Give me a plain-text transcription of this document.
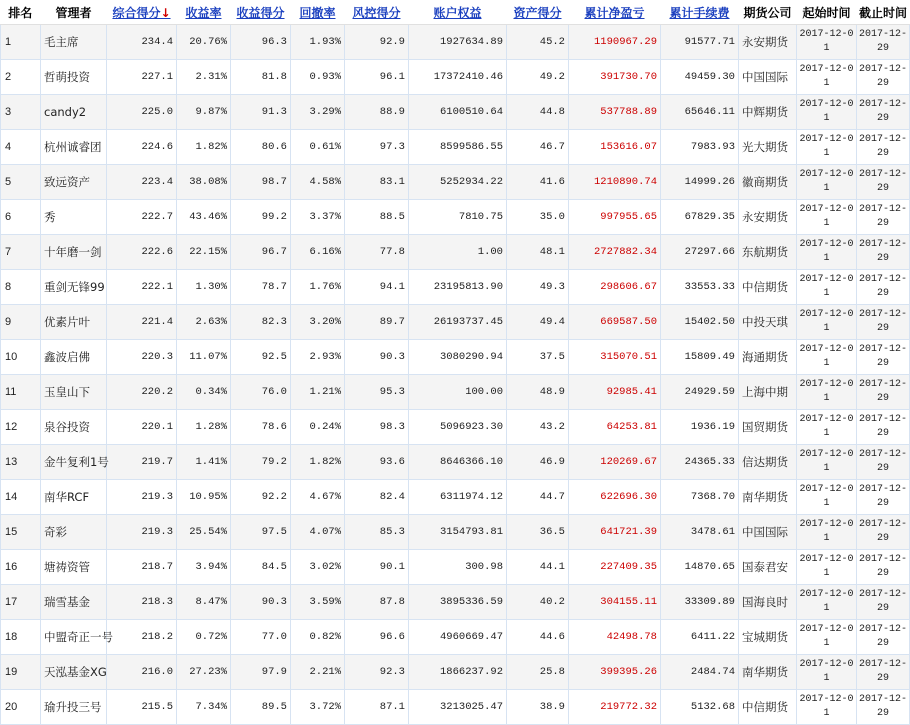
排名	管理者	综合得分↓	收益率	收益得分	回撤率	风控得分	账户权益	资产得分	累计净盈亏	累计手续费	期货公司	起始时间	截止时间
1	毛主席	234.4	20.76%	96.3	1.93%	92.9	1927634.89	45.2	1190967.29	91577.71	永安期货	2017-12-01	2017-12-29
2	哲萌投资	227.1	2.31%	81.8	0.93%	96.1	17372410.46	49.2	391730.70	49459.30	中国国际	2017-12-01	2017-12-29
3	candy2	225.0	9.87%	91.3	3.29%	88.9	6100510.64	44.8	537788.89	65646.11	中辉期货	2017-12-01	2017-12-29
4	杭州诚睿团	224.6	1.82%	80.6	0.61%	97.3	8599586.55	46.7	153616.07	7983.93	光大期货	2017-12-01	2017-12-29
5	致远资产	223.4	38.08%	98.7	4.58%	83.1	5252934.22	41.6	1210890.74	14999.26	徽商期货	2017-12-01	2017-12-29
6	秀	222.7	43.46%	99.2	3.37%	88.5	7810.75	35.0	997955.65	67829.35	永安期货	2017-12-01	2017-12-29
7	十年磨一剑	222.6	22.15%	96.7	6.16%	77.8	1.00	48.1	2727882.34	27297.66	东航期货	2017-12-01	2017-12-29
8	重剑无锋99	222.1	1.30%	78.7	1.76%	94.1	23195813.90	49.3	298606.67	33553.33	中信期货	2017-12-01	2017-12-29
9	优素片叶	221.4	2.63%	82.3	3.20%	89.7	26193737.45	49.4	669587.50	15402.50	中投天琪	2017-12-01	2017-12-29
10	鑫波启佛	220.3	11.07%	92.5	2.93%	90.3	3080290.94	37.5	315070.51	15809.49	海通期货	2017-12-01	2017-12-29
11	玉皇山下	220.2	0.34%	76.0	1.21%	95.3	100.00	48.9	92985.41	24929.59	上海中期	2017-12-01	2017-12-29
12	泉谷投资	220.1	1.28%	78.6	0.24%	98.3	5096923.30	43.2	64253.81	1936.19	国贸期货	2017-12-01	2017-12-29
13	金牛复利1号	219.7	1.41%	79.2	1.82%	93.6	8646366.10	46.9	120269.67	24365.33	信达期货	2017-12-01	2017-12-29
14	南华RCF	219.3	10.95%	92.2	4.67%	82.4	6311974.12	44.7	622696.30	7368.70	南华期货	2017-12-01	2017-12-29
15	奇彩	219.3	25.54%	97.5	4.07%	85.3	3154793.81	36.5	641721.39	3478.61	中国国际	2017-12-01	2017-12-29
16	塘祷资管	218.7	3.94%	84.5	3.02%	90.1	300.98	44.1	227409.35	14870.65	国泰君安	2017-12-01	2017-12-29
17	瑞雪基金	218.3	8.47%	90.3	3.59%	87.8	3895336.59	40.2	304155.11	33309.89	国海良时	2017-12-01	2017-12-29
18	中盟奇正一号	218.2	0.72%	77.0	0.82%	96.6	4960669.47	44.6	42498.78	6411.22	宝城期货	2017-12-01	2017-12-29
19	天泓基金XG	216.0	27.23%	97.9	2.21%	92.3	1866237.92	25.8	399395.26	2484.74	南华期货	2017-12-01	2017-12-29
20	瑜升投三号	215.5	7.34%	89.5	3.72%	87.1	3213025.47	38.9	219772.32	5132.68	中信期货	2017-12-01	2017-12-29
